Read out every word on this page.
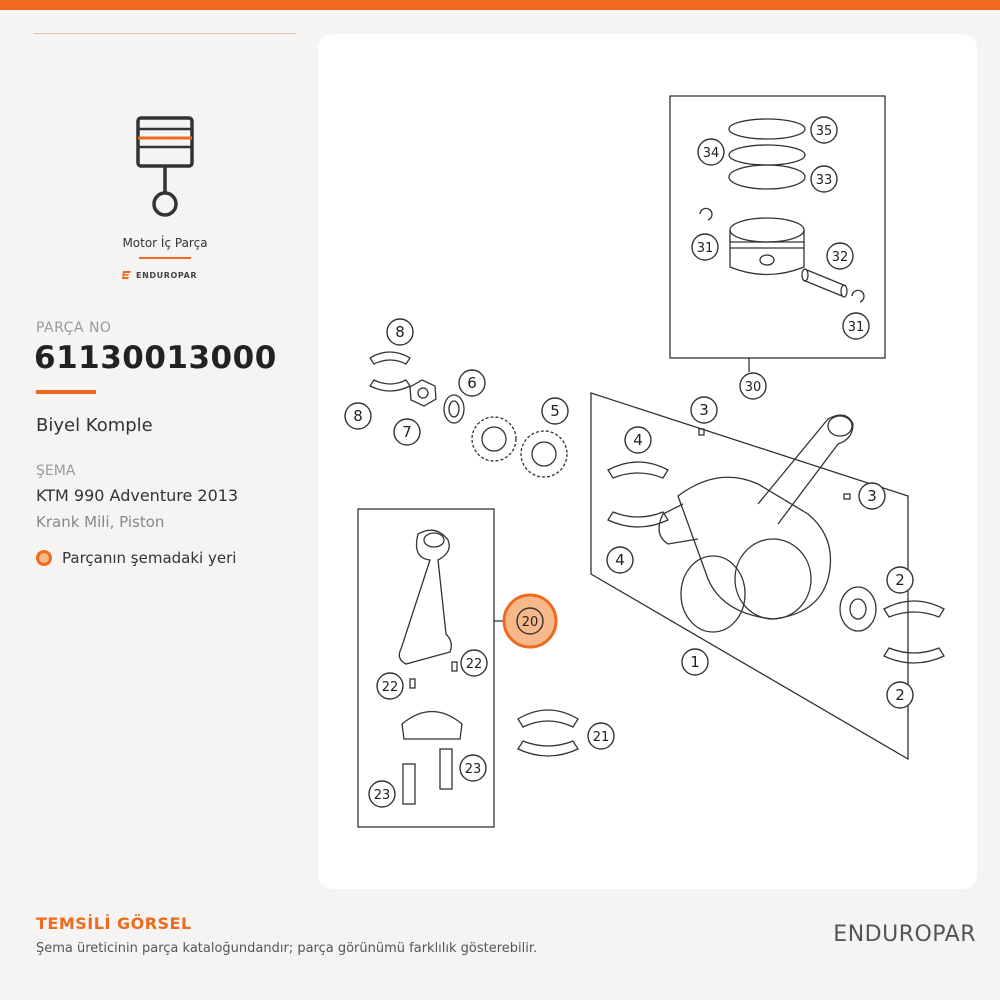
Motor İç Parça
ENDUROPAR
PARÇA NO
61130013000
Biyel Komple
ŞEMA
KTM 990 Adventure 2013
Krank Mili, Piston
Parçanın şemadaki yeri
35
34
33
31
32
31
30
8
8
7
6
5	3
3
4
4
2
2
1
20
22
22
21
23
23
TEMSİLİ GÖRSEL
Şema üreticinin parça kataloğundandır; parça görünümü farklılık gösterebilir.
ENDUROPAR
